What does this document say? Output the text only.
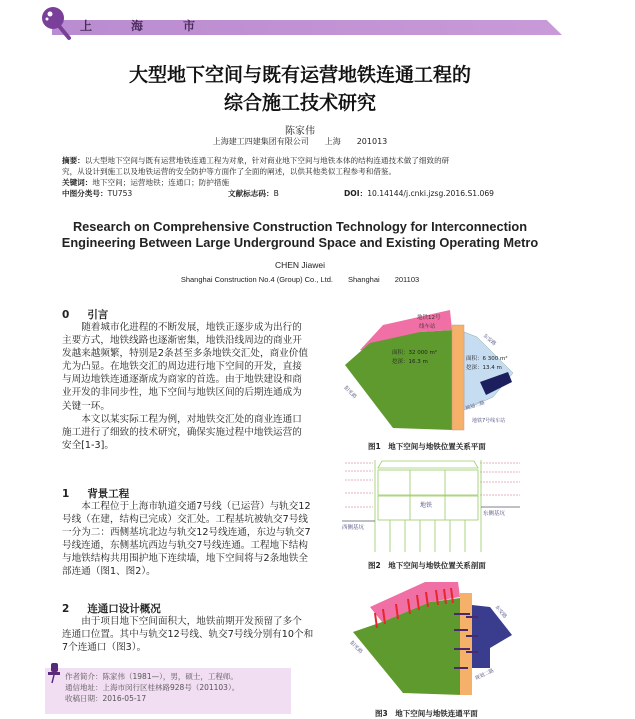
上	海	市
大型地下空间与既有运营地铁连通工程的
综合施工技术研究
陈家伟
上海建工四建集团有限公司　　上海　　201013
摘要：以大型地下空间与既有运营地铁连通工程为对象，针对商业地下空间与地铁本体的结构连通技术做了细致的研
究，从设计到施工以及地铁运营的安全防护等方面作了全面的阐述，以供其他类似工程参考和借鉴。
关键词：地下空间；运营地铁；连通口；防护措施
中图分类号：TU753	文献标志码：B	DOI：10.14144/j.cnki.jzsg.2016.S1.069
Research on Comprehensive Construction Technology for Interconnection
Engineering Between Large Underground Space and Existing Operating Metro
CHEN Jiawei
Shanghai Construction No.4 (Group) Co., Ltd.　　Shanghai　　201103
0 引言
随着城市化进程的不断发展，地铁正逐步成为出行的
主要方式，地铁线路也逐渐密集，地铁沿线周边的商业开
发越来越频繁，特别是2条甚至多条地铁交汇处，商业价值
尤为凸显。在地铁交汇的周边进行地下空间的开发，直接
与周边地铁连通逐渐成为商家的首选。由于地铁建设和商
业开发的非同步性，地下空间与地铁区间的后期连通成为
关键一环。
本文以某实际工程为例，对地铁交汇处的商业连通口
施工进行了细致的技术研究，确保实施过程中地铁运营的
安全[1-3]。
1 背景工程
本工程位于上海市轨道交通7号线（已运营）与轨交12
号线（在建，结构已完成）交汇处。工程基坑被轨交7号线
一分为二：西侧基坑北边与轨交12号线连通，东边与轨交7
号线连通，东侧基坑西边与轨交7号线连通。工程地下结构
与地铁结构共用围护地下连续墙，地下空间将与2条地铁全
部连通（图1、图2）。
2 连通口设计概况
由于项目地下空间面积大，地铁前期开发预留了多个
连通口位置。其中与轨交12号线、轨交7号线分别有10个和
7个连通口（图3）。
作者简介：陈家伟（1981—），男，硕士，工程师。
通信地址：上海市闵行区桂林路928号（201103）。
收稿日期：2016-05-17
地铁12号
线车站
面积：32 000 m²
挖深：16.3 m	面积：6 300 m²
挖深：13.4 m
东安路
阳光路
规划二路
地铁7号线车站
地铁
西侧基坑
东侧基坑
东安路
阳光路
规划二路
图1　地下空间与地铁位置关系平面
图2　地下空间与地铁位置关系剖面
图3　地下空间与地铁连通平面
